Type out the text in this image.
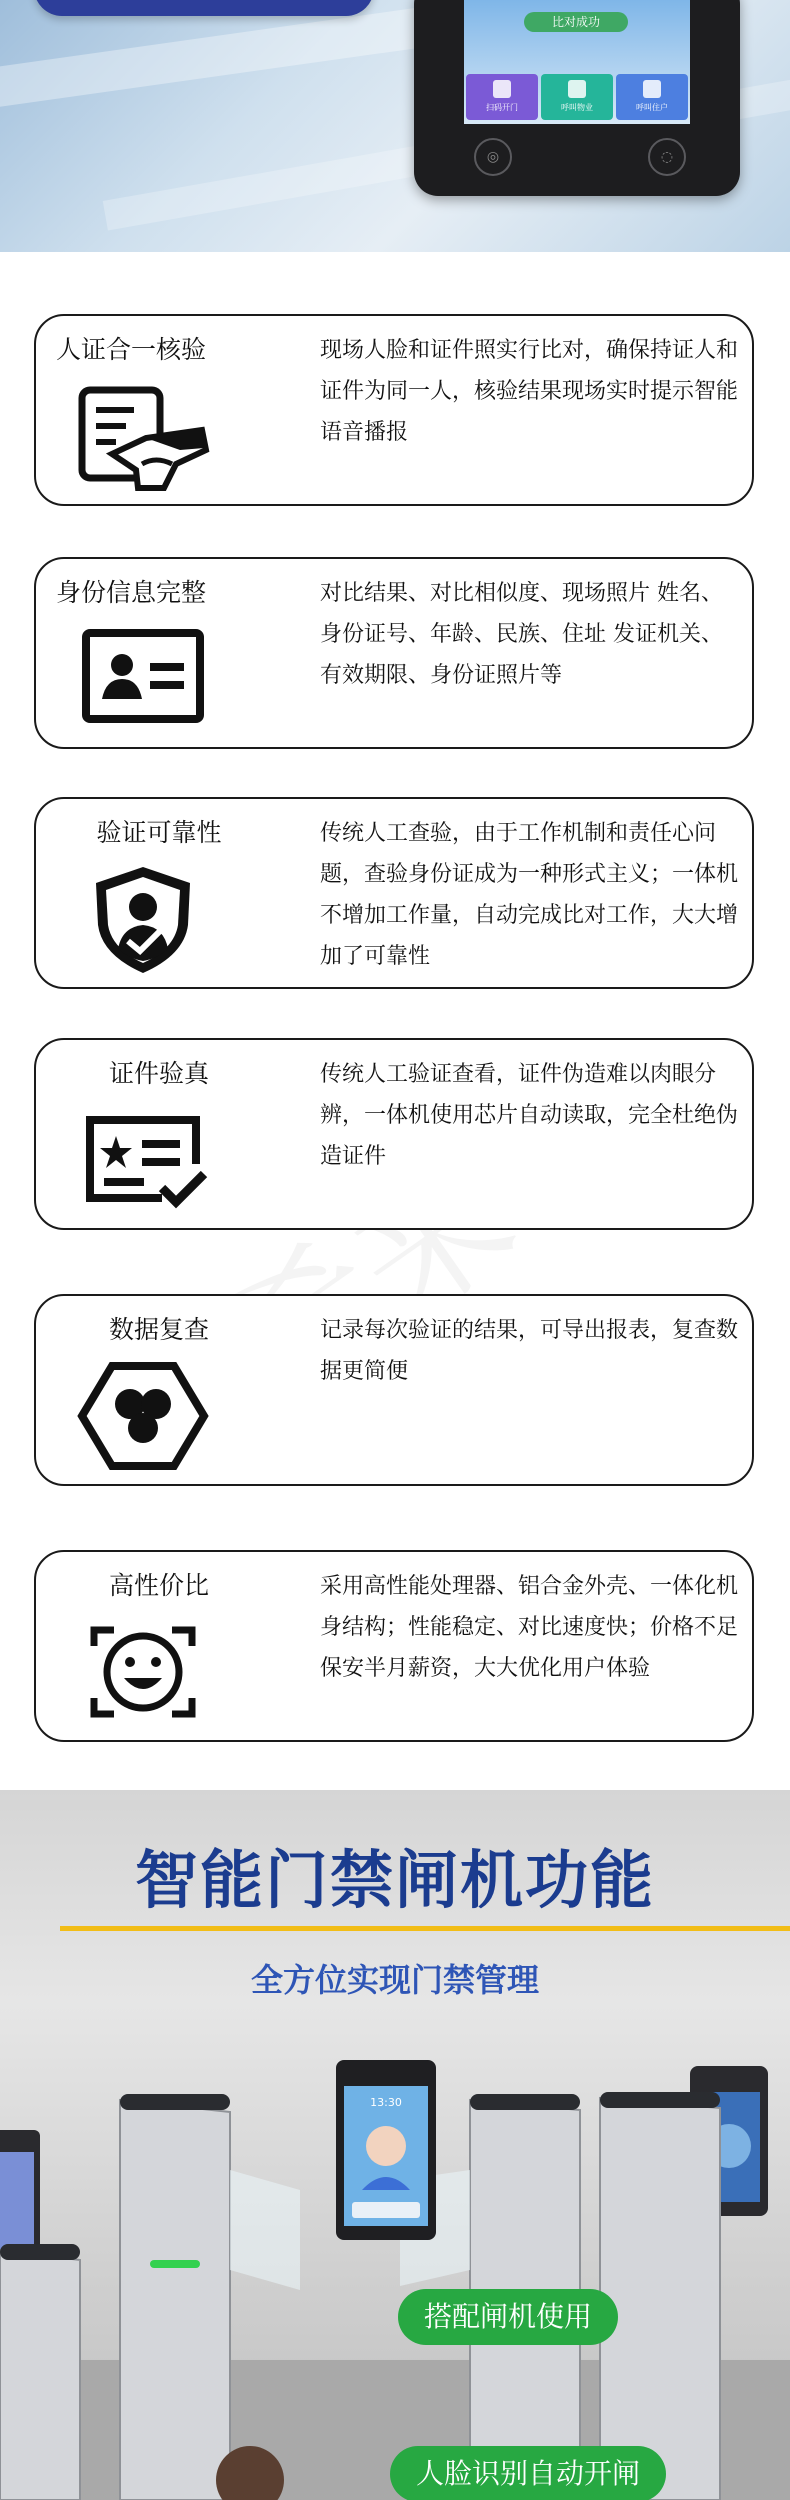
比对成功
扫码开门	呼叫物业	呼叫住户
◎	◌
人证合一核验	现场人脸和证件照实行比对，确保持证人和证件为同一人，核验结果现场实时提示智能语音播报
身份信息完整	对比结果、对比相似度、现场照片 姓名、身份证号、年龄、民族、住址 发证机关、有效期限、身份证照片等
验证可靠性	传统人工查验，由于工作机制和责任心问题，查验身份证成为一种形式主义；一体机不增加工作量，自动完成比对工作，大大增加了可靠性
证件验真	传统人工验证查看，证件伪造难以肉眼分辨，一体机使用芯片自动读取，完全杜绝伪造证件
数据复查	记录每次验证的结果，可导出报表，复查数据更简便
高性价比	采用高性能处理器、铝合金外壳、一体化机身结构；性能稳定、对比速度快；价格不足保安半月薪资，大大优化用户体验
智能门禁闸机功能
全方位实现门禁管理
13:30
搭配闸机使用
人脸识别自动开闸
